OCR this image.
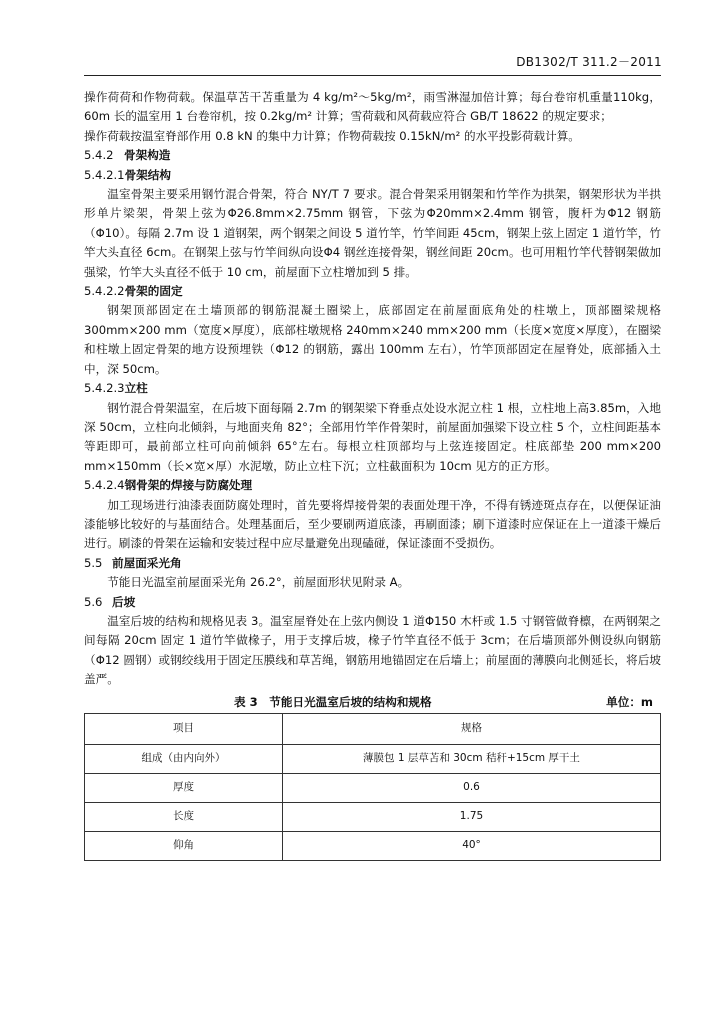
DB1302/T 311.2－2011

操作荷荷和作物荷载。保温草苫干苫重量为 4 kg/m²～5kg/m²，雨雪淋湿加倍计算；每台卷帘机重量110kg，60m 长的温室用 1 台卷帘机，按 0.2kg/m² 计算；雪荷载和风荷载应符合 GB/T 18622 的规定要求；

操作荷载按温室脊部作用 0.8 kN 的集中力计算；作物荷载按 0.15kN/m² 的水平投影荷载计算。

5.4.2 骨架构造
5.4.2.1骨架结构

温室骨架主要采用钢竹混合骨架，符合 NY/T 7 要求。混合骨架采用钢架和竹竿作为拱架，钢架形状为半拱形单片梁架，骨架上弦为Φ26.8mm×2.75mm 钢管，下弦为Φ20mm×2.4mm 钢管，腹杆为Φ12 钢筋（Φ10）。每隔 2.7m 设 1 道钢架，两个钢架之间设 5 道竹竿，竹竿间距 45cm，钢架上弦上固定 1 道竹竿，竹竿大头直径 6cm。在钢架上弦与竹竿间纵向设Φ4 钢丝连接骨架，钢丝间距 20cm。也可用粗竹竿代替钢架做加强梁，竹竿大头直径不低于 10 cm，前屋面下立柱增加到 5 排。

5.4.2.2骨架的固定

钢架顶部固定在土墙顶部的钢筋混凝土圈梁上，底部固定在前屋面底角处的柱墩上，顶部圈梁规格300mm×200 mm（宽度×厚度），底部柱墩规格 240mm×240 mm×200 mm（长度×宽度×厚度），在圈梁和柱墩上固定骨架的地方设预埋铁（Φ12 的钢筋，露出 100mm 左右），竹竿顶部固定在屋脊处，底部插入土中，深 50cm。

5.4.2.3立柱

钢竹混合骨架温室，在后坡下面每隔 2.7m 的钢架梁下脊垂点处设水泥立柱 1 根，立柱地上高3.85m，入地深 50cm，立柱向北倾斜，与地面夹角 82°；全部用竹竿作骨架时，前屋面加强梁下设立柱 5 个，立柱间距基本等距即可，最前部立柱可向前倾斜 65°左右。每根立柱顶部均与上弦连接固定。柱底部垫 200 mm×200 mm×150mm（长×宽×厚）水泥墩，防止立柱下沉；立柱截面积为 10cm 见方的正方形。

5.4.2.4钢骨架的焊接与防腐处理

加工现场进行油漆表面防腐处理时，首先要将焊接骨架的表面处理干净，不得有锈迹斑点存在，以便保证油漆能够比较好的与基面结合。处理基面后，至少要刷两道底漆，再刷面漆；刷下道漆时应保证在上一道漆干燥后进行。刷漆的骨架在运输和安装过程中应尽量避免出现磕碰，保证漆面不受损伤。

5.5 前屋面采光角

节能日光温室前屋面采光角 26.2°，前屋面形状见附录 A。

5.6 后坡

温室后坡的结构和规格见表 3。温室屋脊处在上弦内侧设 1 道Φ150 木杆或 1.5 寸钢管做脊檩，在两钢架之间每隔 20cm 固定 1 道竹竿做椽子，用于支撑后坡，椽子竹竿直径不低于 3cm；在后墙顶部外侧设纵向钢筋（Φ12 圆钢）或钢绞线用于固定压膜线和草苫绳，钢筋用地锚固定在后墙上；前屋面的薄膜向北侧延长，将后坡盖严。

表 3　节能日光温室后坡的结构和规格	单位：m
项目	规格
组成（由内向外）	薄膜包 1 层草苫和 30cm 秸秆+15cm 厚干土
厚度	0.6
长度	1.75
仰角	40°
